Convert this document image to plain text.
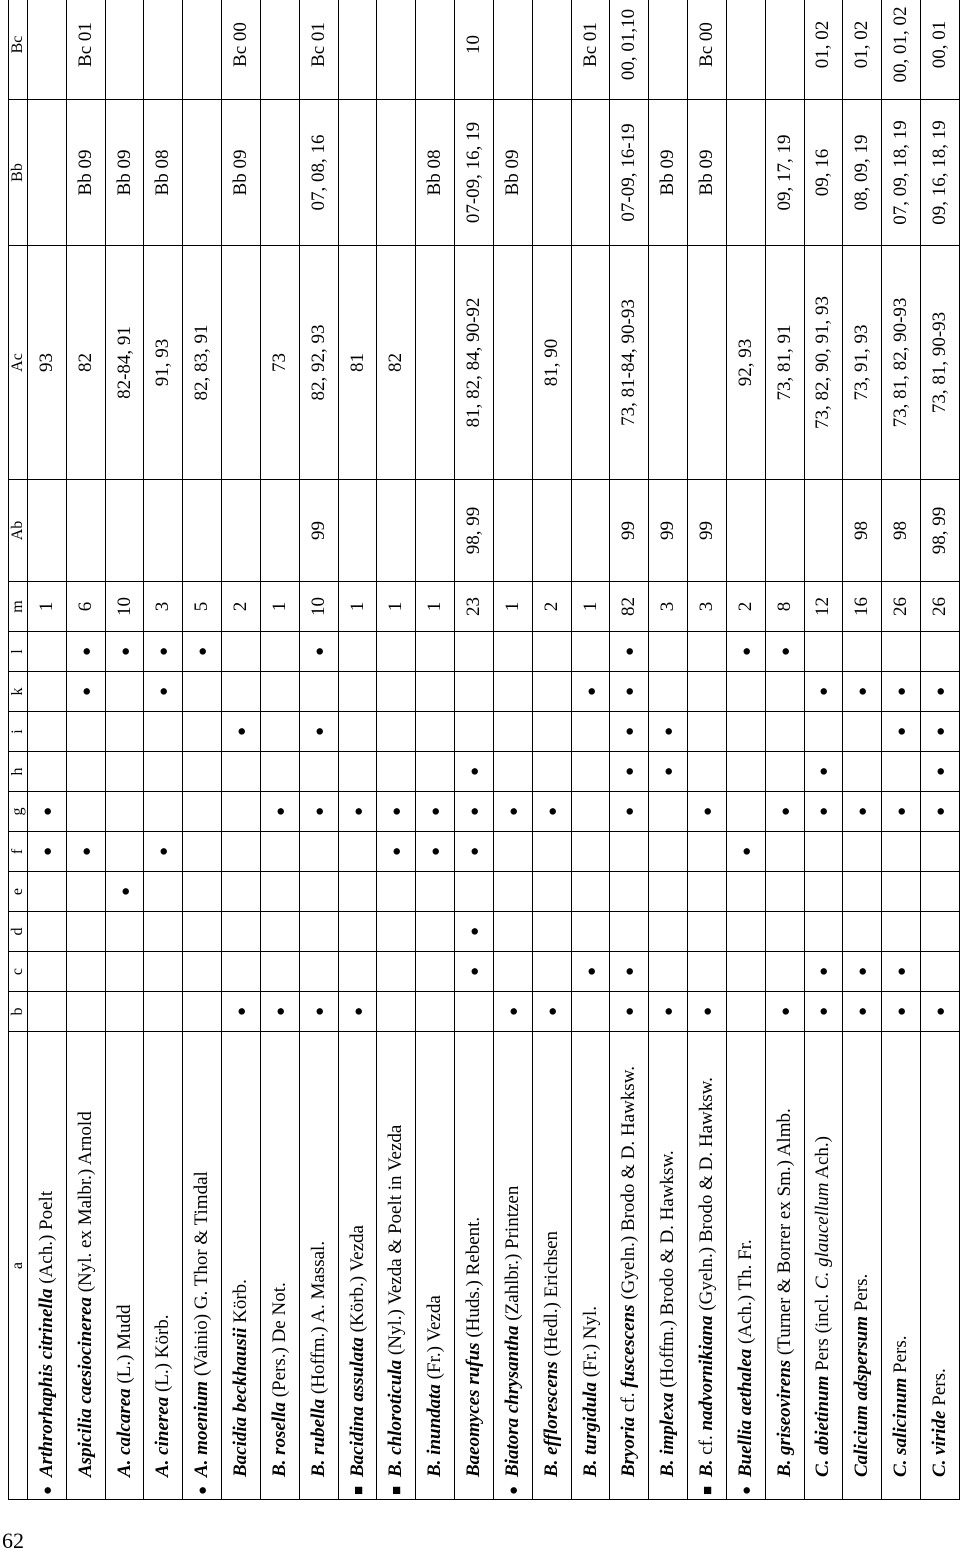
62
a	b	c	d	e	f	g	h	i	k	l	m	Ab	Ac	Bb	Bc
●Arthrorhaphis citrinella (Ach.) Poelt					●	●					1		93		
Aspicilia caesiocinerea (Nyl. ex Malbr.) Arnold					●				●	●	6		82	Bb 09	Bc 01
A. calcarea (L.) Mudd				●						●	10		82-84, 91	Bb 09	
A. cinerea (L.) Körb.					●				●	●	3		91, 93	Bb 08	
●A. moenium (Vainio) G. Thor & Timdal										●	5		82, 83, 91		
Bacidia beckhausii Körb.	●							●			2			Bb 09	Bc 00
B. rosella (Pers.) De Not.	●					●					1		73		
B. rubella (Hoffm.) A. Massal.	●					●		●		●	10	99	82, 92, 93	07, 08, 16	Bc 01
■Bacidina assulata (Körb.) Vezda	●					●					1		81		
■B. chloroticula (Nyl.) Vezda & Poelt in Vezda					●	●					1		82		
B. inundata (Fr.) Vezda					●	●					1			Bb 08	
Baeomyces rufus (Huds.) Rebent.		●	●		●	●	●				23	98, 99	81, 82, 84, 90-92	07-09, 16, 19	10
●Biatora chrysantha (Zahlbr.) Printzen	●					●					1			Bb 09	
B. efflorescens (Hedl.) Erichsen	●					●					2		81, 90		
B. turgidula (Fr.) Nyl.		●							●		1				Bc 01
Bryoria cf. fuscescens (Gyeln.) Brodo & D. Hawksw.	●	●				●	●	●	●	●	82	99	73, 81-84, 90-93	07-09, 16-19	00, 01,10
B. implexa (Hoffm.) Brodo & D. Hawksw.	●						●	●			3	99		Bb 09	
■B. cf. nadvornikiana (Gyeln.) Brodo & D. Hawksw.	●					●					3	99		Bb 09	Bc 00
●Buellia aethalea (Ach.) Th. Fr.					●					●	2		92, 93		
B. griseovirens (Turner & Borrer ex Sm.) Almb.	●					●				●	8		73, 81, 91	09, 17, 19	
C. abietinum Pers (incl. C. glaucellum Ach.)	●	●				●	●		●		12		73, 82, 90, 91, 93	09, 16	01, 02
Calicium adspersum Pers.	●	●				●			●		16	98	73, 91, 93	08, 09, 19	01, 02
C. salicinum Pers.	●	●				●		●	●		26	98	73, 81, 82, 90-93	07, 09, 18, 19	00, 01, 02
C. viride Pers.	●					●	●	●	●		26	98, 99	73, 81, 90-93	09, 16, 18, 19	00, 01
